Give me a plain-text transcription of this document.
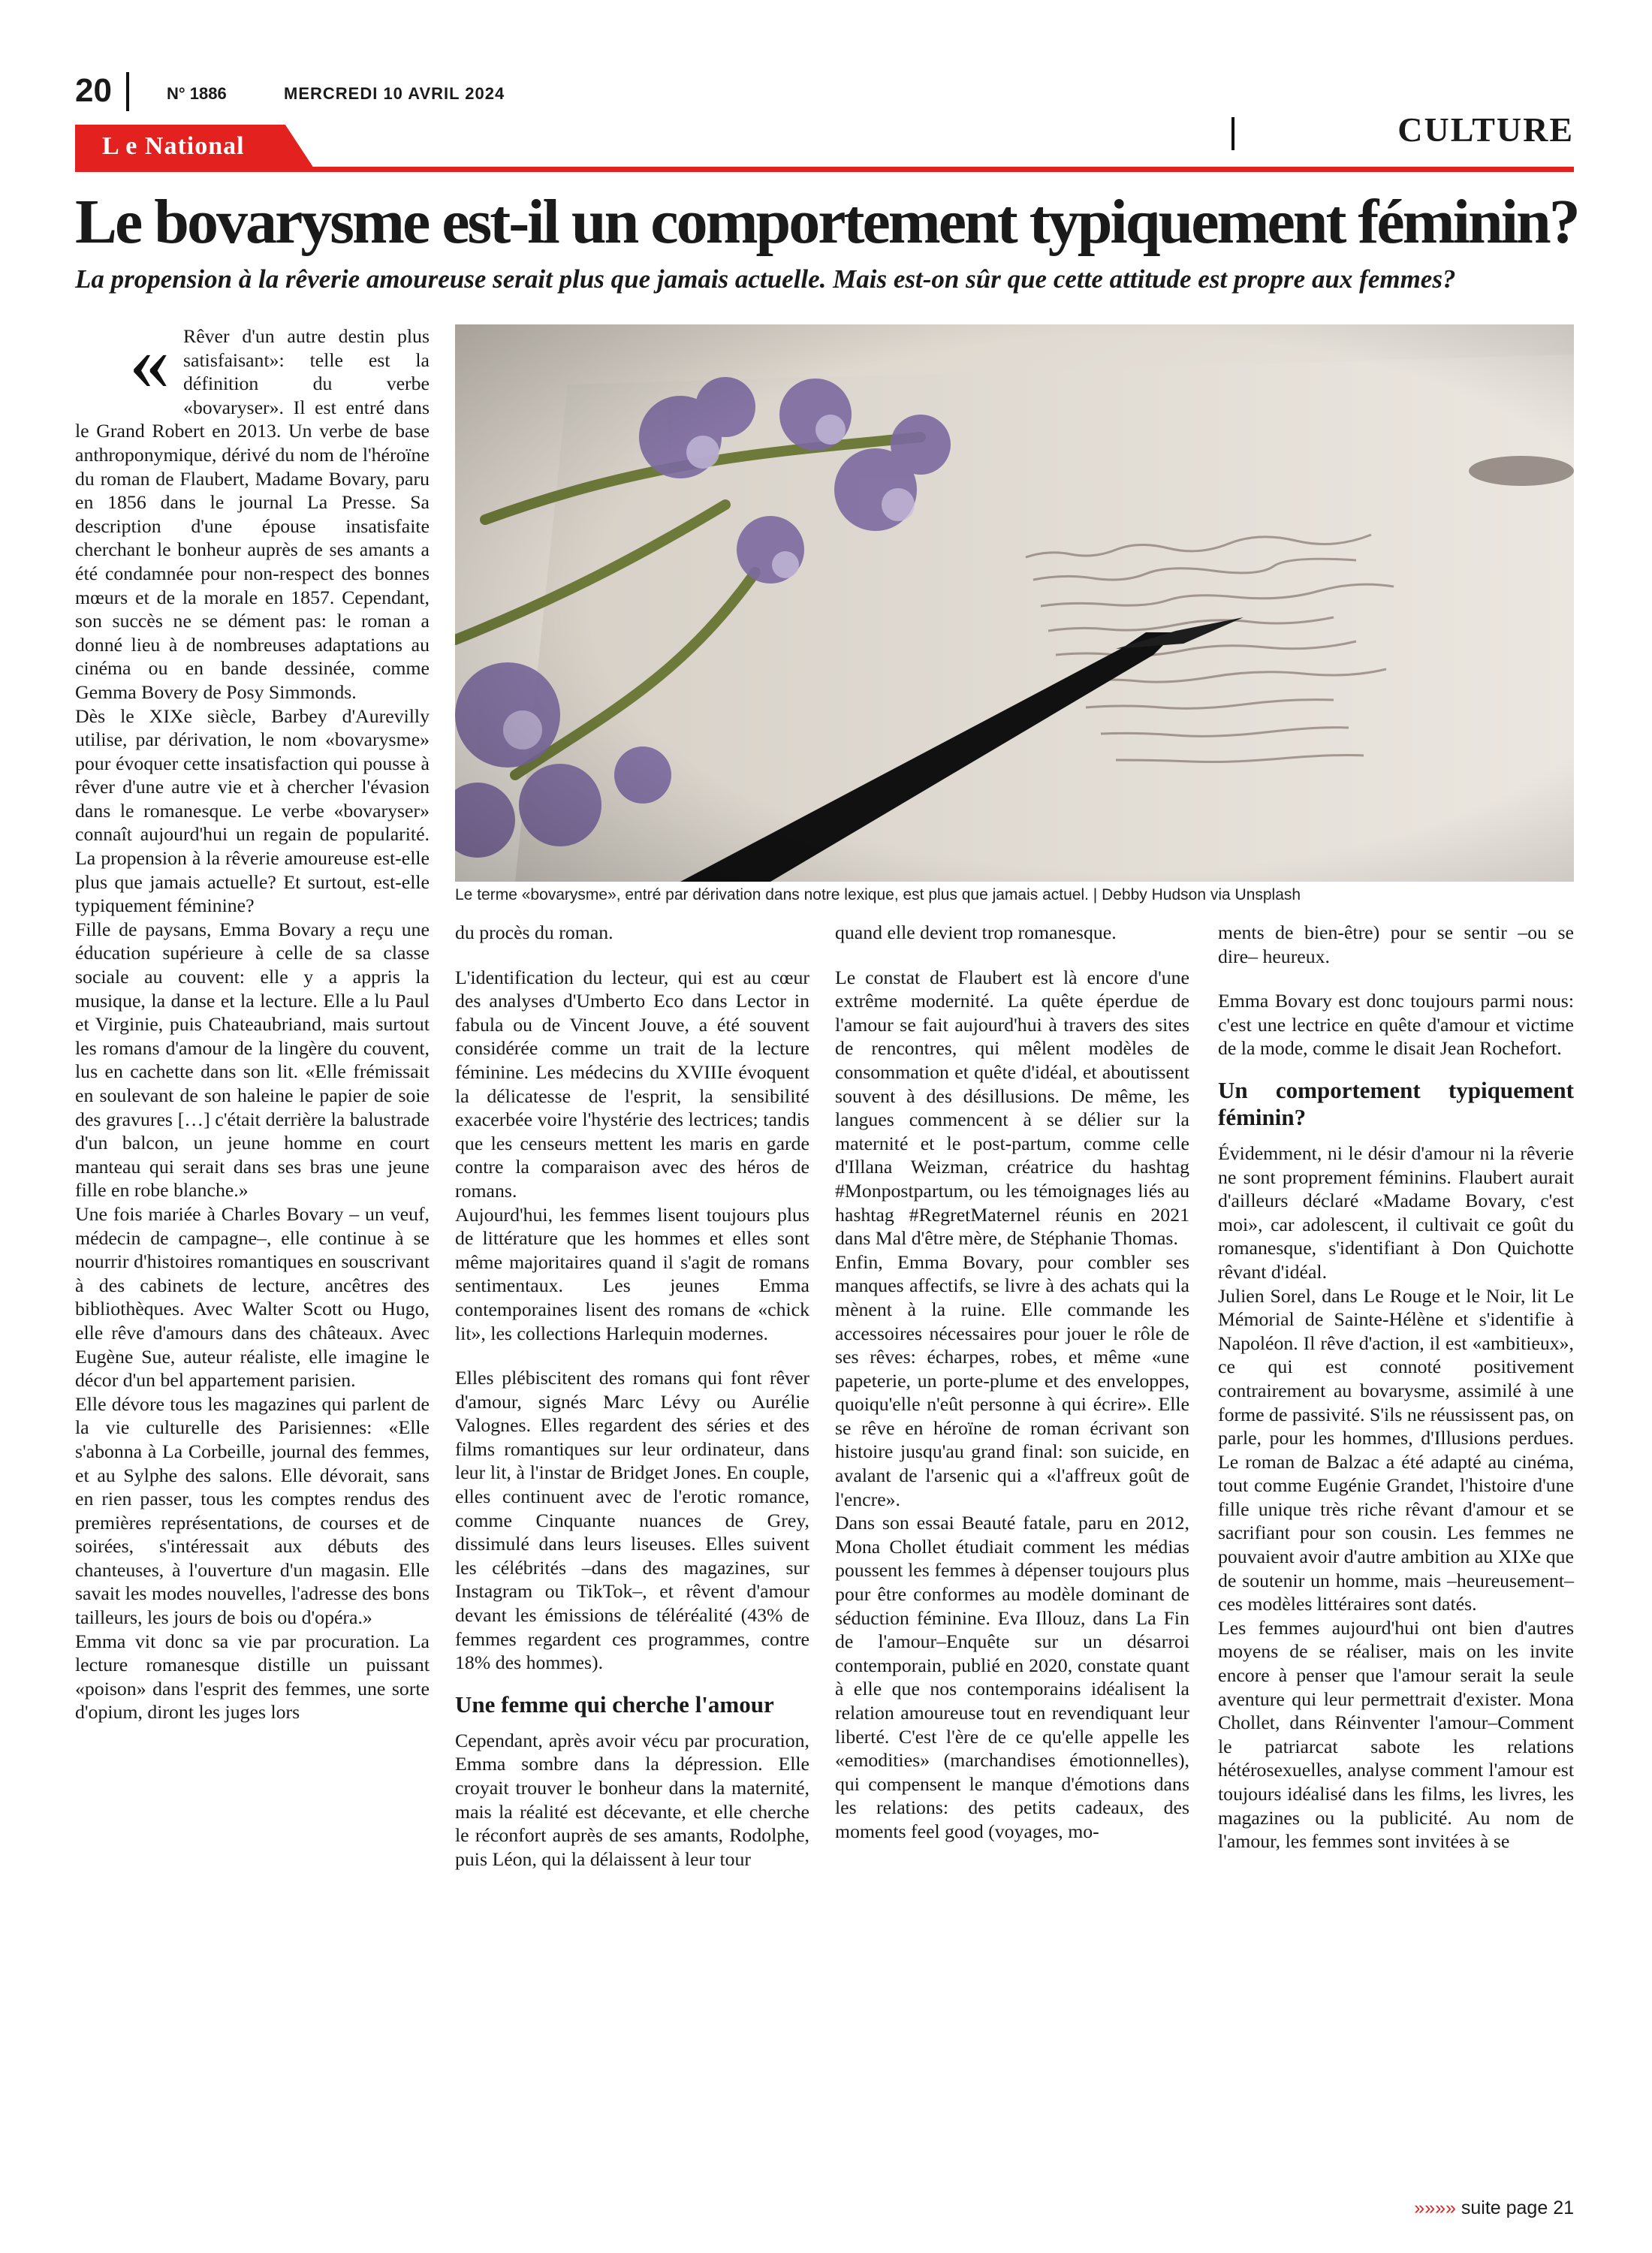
20	N° 1886	MERCREDI 10 AVRIL 2024
CULTURE
L e National
Le bovarysme est-il un comportement typiquement féminin?

La propension à la rêverie amoureuse serait plus que jamais actuelle. Mais est-on sûr que cette attitude est propre aux femmes?

Le terme «bovarysme», entré par dérivation dans notre lexique, est plus que jamais actuel. | Debby Hudson via Unsplash
« Rêver d'un autre destin plus satisfaisant»: telle est la définition du verbe «bovaryser». Il est entré dans le Grand Robert en 2013. Un verbe de base anthroponymique, dérivé du nom de l'héroïne du roman de Flaubert, Madame Bovary, paru en 1856 dans le journal La Presse. Sa description d'une épouse insatisfaite cherchant le bonheur auprès de ses amants a été condamnée pour non-respect des bonnes mœurs et de la morale en 1857. Cependant, son succès ne se dément pas: le roman a donné lieu à de nombreuses adaptations au cinéma ou en bande dessinée, comme Gemma Bovery de Posy Simmonds.

Dès le XIXe siècle, Barbey d'Aurevilly utilise, par dérivation, le nom «bovarysme» pour évoquer cette insatisfaction qui pousse à rêver d'une autre vie et à chercher l'évasion dans le romanesque. Le verbe «bovaryser» connaît aujourd'hui un regain de popularité. La propension à la rêverie amoureuse est-elle plus que jamais actuelle? Et surtout, est-elle typiquement féminine?

Fille de paysans, Emma Bovary a reçu une éducation supérieure à celle de sa classe sociale au couvent: elle y a appris la musique, la danse et la lecture. Elle a lu Paul et Virginie, puis Chateaubriand, mais surtout les romans d'amour de la lingère du couvent, lus en cachette dans son lit. «Elle frémissait en soulevant de son haleine le papier de soie des gravures […] c'était derrière la balustrade d'un balcon, un jeune homme en court manteau qui serait dans ses bras une jeune fille en robe blanche.»

Une fois mariée à Charles Bovary – un veuf, médecin de campagne–, elle continue à se nourrir d'histoires romantiques en souscrivant à des cabinets de lecture, ancêtres des bibliothèques. Avec Walter Scott ou Hugo, elle rêve d'amours dans des châteaux. Avec Eugène Sue, auteur réaliste, elle imagine le décor d'un bel appartement parisien.

Elle dévore tous les magazines qui parlent de la vie culturelle des Parisiennes: «Elle s'abonna à La Corbeille, journal des femmes, et au Sylphe des salons. Elle dévorait, sans en rien passer, tous les comptes rendus des premières représentations, de courses et de soirées, s'intéressait aux débuts des chanteuses, à l'ouverture d'un magasin. Elle savait les modes nouvelles, l'adresse des bons tailleurs, les jours de bois ou d'opéra.»

Emma vit donc sa vie par procuration. La lecture romanesque distille un puissant «poison» dans l'esprit des femmes, une sorte d'opium, diront les juges lors

du procès du roman.

L'identification du lecteur, qui est au cœur des analyses d'Umberto Eco dans Lector in fabula ou de Vincent Jouve, a été souvent considérée comme un trait de la lecture féminine. Les médecins du XVIIIe évoquent la délicatesse de l'esprit, la sensibilité exacerbée voire l'hystérie des lectrices; tandis que les censeurs mettent les maris en garde contre la comparaison avec des héros de romans.

Aujourd'hui, les femmes lisent toujours plus de littérature que les hommes et elles sont même majoritaires quand il s'agit de romans sentimentaux. Les jeunes Emma contemporaines lisent des romans de «chick lit», les collections Harlequin modernes.

Elles plébiscitent des romans qui font rêver d'amour, signés Marc Lévy ou Aurélie Valognes. Elles regardent des séries et des films romantiques sur leur ordinateur, dans leur lit, à l'instar de Bridget Jones. En couple, elles continuent avec de l'erotic romance, comme Cinquante nuances de Grey, dissimulé dans leurs liseuses. Elles suivent les célébrités –dans des magazines, sur Instagram ou TikTok–, et rêvent d'amour devant les émissions de téléréalité (43% de femmes regardent ces programmes, contre 18% des hommes).

Une femme qui cherche l'amour

Cependant, après avoir vécu par procuration, Emma sombre dans la dépression. Elle croyait trouver le bonheur dans la maternité, mais la réalité est décevante, et elle cherche le réconfort auprès de ses amants, Rodolphe, puis Léon, qui la délaissent à leur tour

quand elle devient trop romanesque.

Le constat de Flaubert est là encore d'une extrême modernité. La quête éperdue de l'amour se fait aujourd'hui à travers des sites de rencontres, qui mêlent modèles de consommation et quête d'idéal, et aboutissent souvent à des désillusions. De même, les langues commencent à se délier sur la maternité et le post-partum, comme celle d'Illana Weizman, créatrice du hashtag #Monpostpartum, ou les témoignages liés au hashtag #RegretMaternel réunis en 2021 dans Mal d'être mère, de Stéphanie Thomas.

Enfin, Emma Bovary, pour combler ses manques affectifs, se livre à des achats qui la mènent à la ruine. Elle commande les accessoires nécessaires pour jouer le rôle de ses rêves: écharpes, robes, et même «une papeterie, un porte-plume et des enveloppes, quoiqu'elle n'eût personne à qui écrire». Elle se rêve en héroïne de roman écrivant son histoire jusqu'au grand final: son suicide, en avalant de l'arsenic qui a «l'affreux goût de l'encre».

Dans son essai Beauté fatale, paru en 2012, Mona Chollet étudiait comment les médias poussent les femmes à dépenser toujours plus pour être conformes au modèle dominant de séduction féminine. Eva Illouz, dans La Fin de l'amour–Enquête sur un désarroi contemporain, publié en 2020, constate quant à elle que nos contemporains idéalisent la relation amoureuse tout en revendiquant leur liberté. C'est l'ère de ce qu'elle appelle les «emodities» (marchandises émotionnelles), qui compensent le manque d'émotions dans les relations: des petits cadeaux, des moments feel good (voyages, mo-

ments de bien-être) pour se sentir –ou se dire– heureux.

Emma Bovary est donc toujours parmi nous: c'est une lectrice en quête d'amour et victime de la mode, comme le disait Jean Rochefort.

Un comportement typiquement féminin?

Évidemment, ni le désir d'amour ni la rêverie ne sont proprement féminins. Flaubert aurait d'ailleurs déclaré «Madame Bovary, c'est moi», car adolescent, il cultivait ce goût du romanesque, s'identifiant à Don Quichotte rêvant d'idéal.

Julien Sorel, dans Le Rouge et le Noir, lit Le Mémorial de Sainte-Hélène et s'identifie à Napoléon. Il rêve d'action, il est «ambitieux», ce qui est connoté positivement contrairement au bovarysme, assimilé à une forme de passivité. S'ils ne réussissent pas, on parle, pour les hommes, d'Illusions perdues. Le roman de Balzac a été adapté au cinéma, tout comme Eugénie Grandet, l'histoire d'une fille unique très riche rêvant d'amour et se sacrifiant pour son cousin. Les femmes ne pouvaient avoir d'autre ambition au XIXe que de soutenir un homme, mais –heureusement– ces modèles littéraires sont datés.

Les femmes aujourd'hui ont bien d'autres moyens de se réaliser, mais on les invite encore à penser que l'amour serait la seule aventure qui leur permettrait d'exister. Mona Chollet, dans Réinventer l'amour–Comment le patriarcat sabote les relations hétérosexuelles, analyse comment l'amour est toujours idéalisé dans les films, les livres, les magazines ou la publicité. Au nom de l'amour, les femmes sont invitées à se

»»»» suite page 21
